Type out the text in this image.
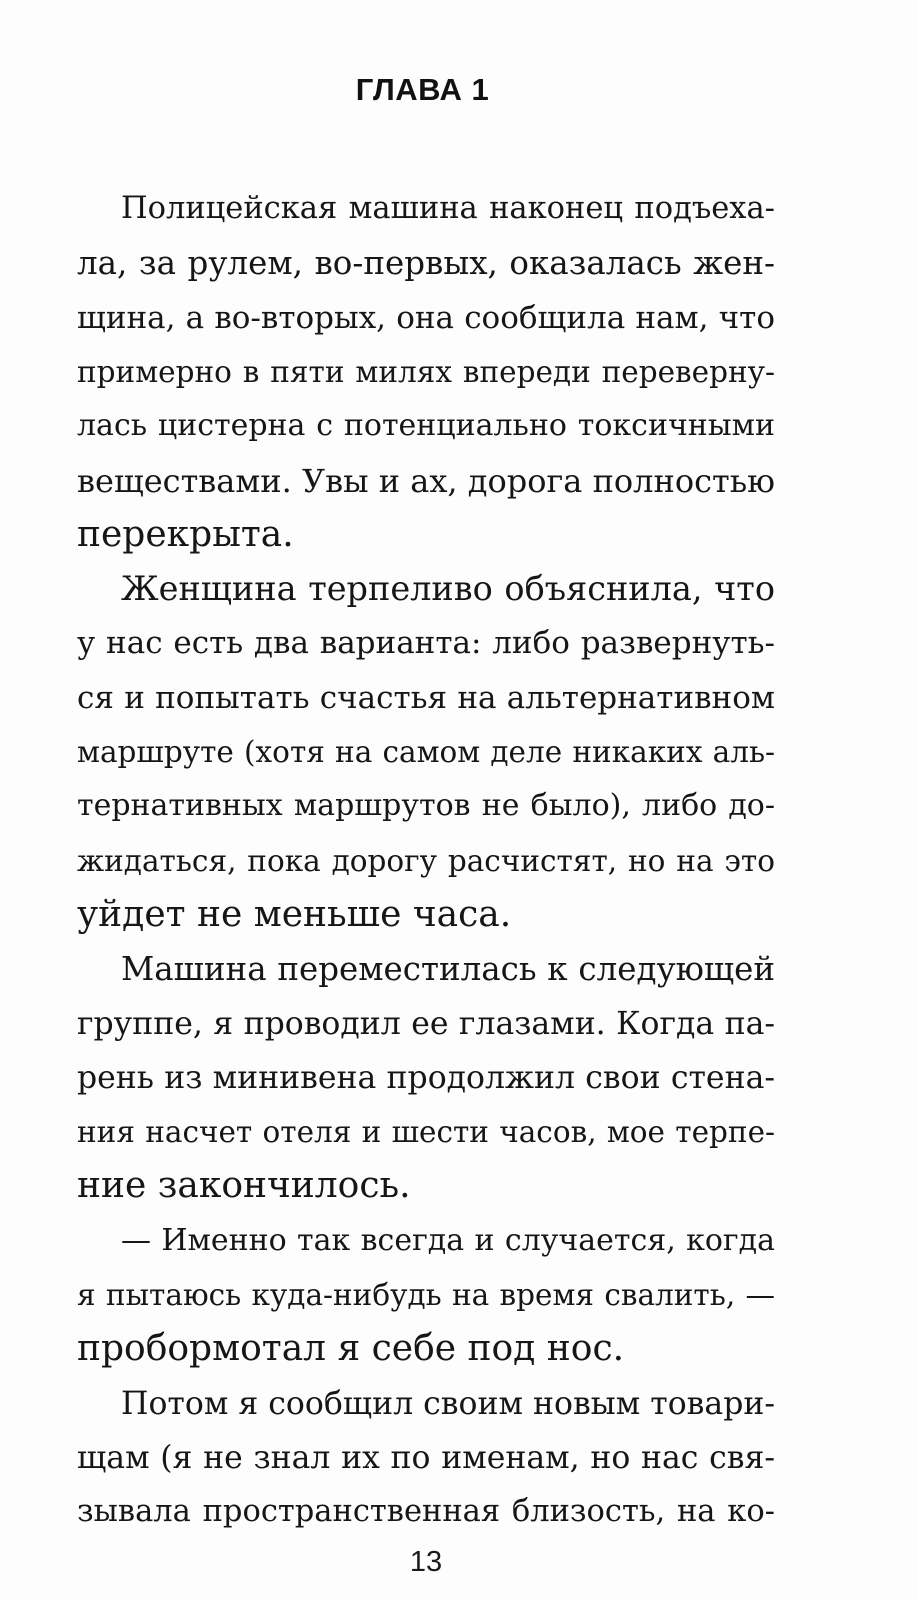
ГЛАВА 1
Полицейская машина наконец подъеха-
ла, за рулем, во-первых, оказалась жен-
щина, а во-вторых, она сообщила нам, что
примерно в пяти милях впереди переверну-
лась цистерна с потенциально токсичными
веществами. Увы и ах, дорога полностью
перекрыта.
Женщина терпеливо объяснила, что
у нас есть два варианта: либо развернуть-
ся и попытать счастья на альтернативном
маршруте (хотя на самом деле никаких аль-
тернативных маршрутов не было), либо до-
жидаться, пока дорогу расчистят, но на это
уйдет не меньше часа.
Машина переместилась к следующей
группе, я проводил ее глазами. Когда па-
рень из минивена продолжил свои стена-
ния насчет отеля и шести часов, мое терпе-
ние закончилось.
— Именно так всегда и случается, когда
я пытаюсь куда-нибудь на время свалить, —
пробормотал я себе под нос.
Потом я сообщил своим новым товари-
щам (я не знал их по именам, но нас свя-
зывала пространственная близость, на ко-
13
